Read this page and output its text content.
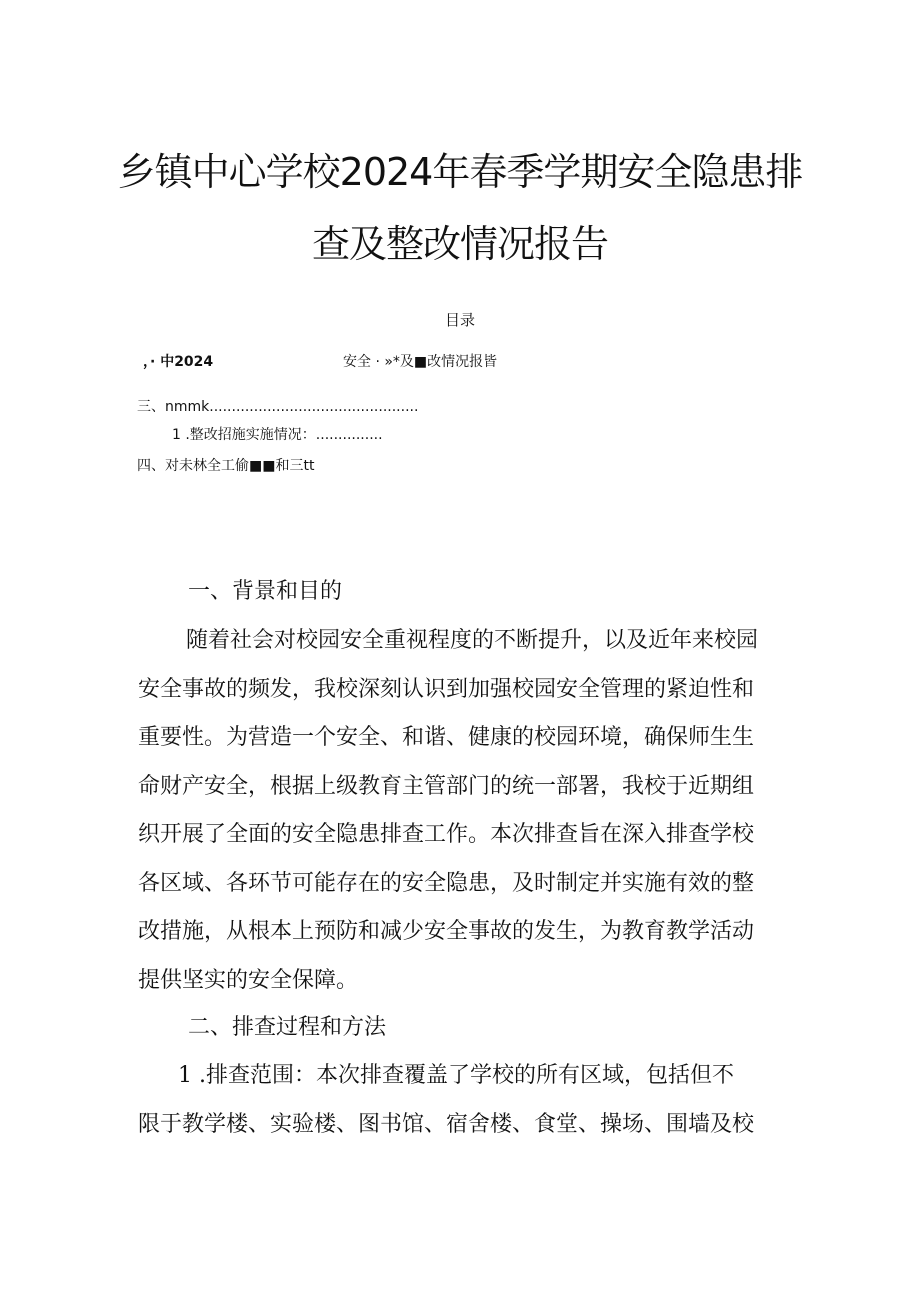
乡镇中心学校2024年春季学期安全隐患排
查及整改情况报告
目录
，· 中2024	安全 · »*及■改情况报皆
三、nmmk...............................................
1 .整改招施实施情况：...............
四、对未林全工偷■■和三tt
一、背景和目的
随着社会对校园安全重视程度的不断提升，以及近年来校园
安全事故的频发，我校深刻认识到加强校园安全管理的紧迫性和
重要性。为营造一个安全、和谐、健康的校园环境，确保师生生
命财产安全，根据上级教育主管部门的统一部署，我校于近期组
织开展了全面的安全隐患排查工作。本次排查旨在深入排查学校
各区域、各环节可能存在的安全隐患，及时制定并实施有效的整
改措施，从根本上预防和减少安全事故的发生，为教育教学活动
提供坚实的安全保障。
二、排查过程和方法
1 .排查范围：本次排查覆盖了学校的所有区域，包括但不
限于教学楼、实验楼、图书馆、宿舍楼、食堂、操场、围墙及校
